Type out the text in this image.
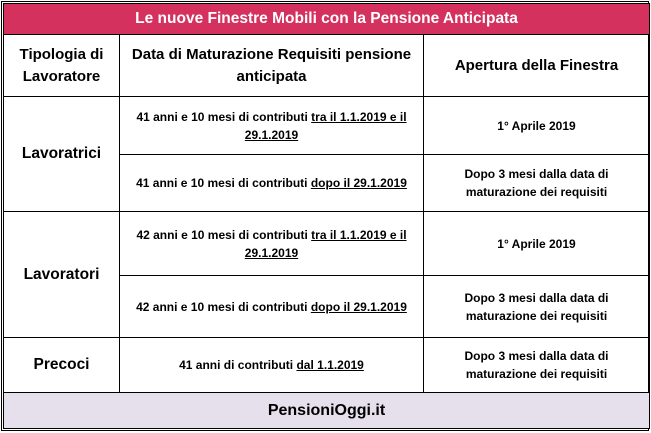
Le nuove Finestre Mobili con la Pensione Anticipata		
Tipologia di Lavoratore	Data di Maturazione Requisiti pensione anticipata	Apertura della Finestra
Lavoratrici	41 anni e 10 mesi di contributi tra il 1.1.2019 e il 29.1.2019	1° Aprile 2019
	41 anni e 10 mesi di contributi dopo il 29.1.2019	Dopo 3 mesi dalla data di maturazione dei requisiti
Lavoratori	42 anni e 10 mesi di contributi tra il 1.1.2019 e il 29.1.2019	1° Aprile 2019
	42 anni e 10 mesi di contributi dopo il 29.1.2019	Dopo 3 mesi dalla data di maturazione dei requisiti
Precoci	41 anni di contributi dal 1.1.2019	Dopo 3 mesi dalla data di maturazione dei requisiti
PensioniOggi.it		
